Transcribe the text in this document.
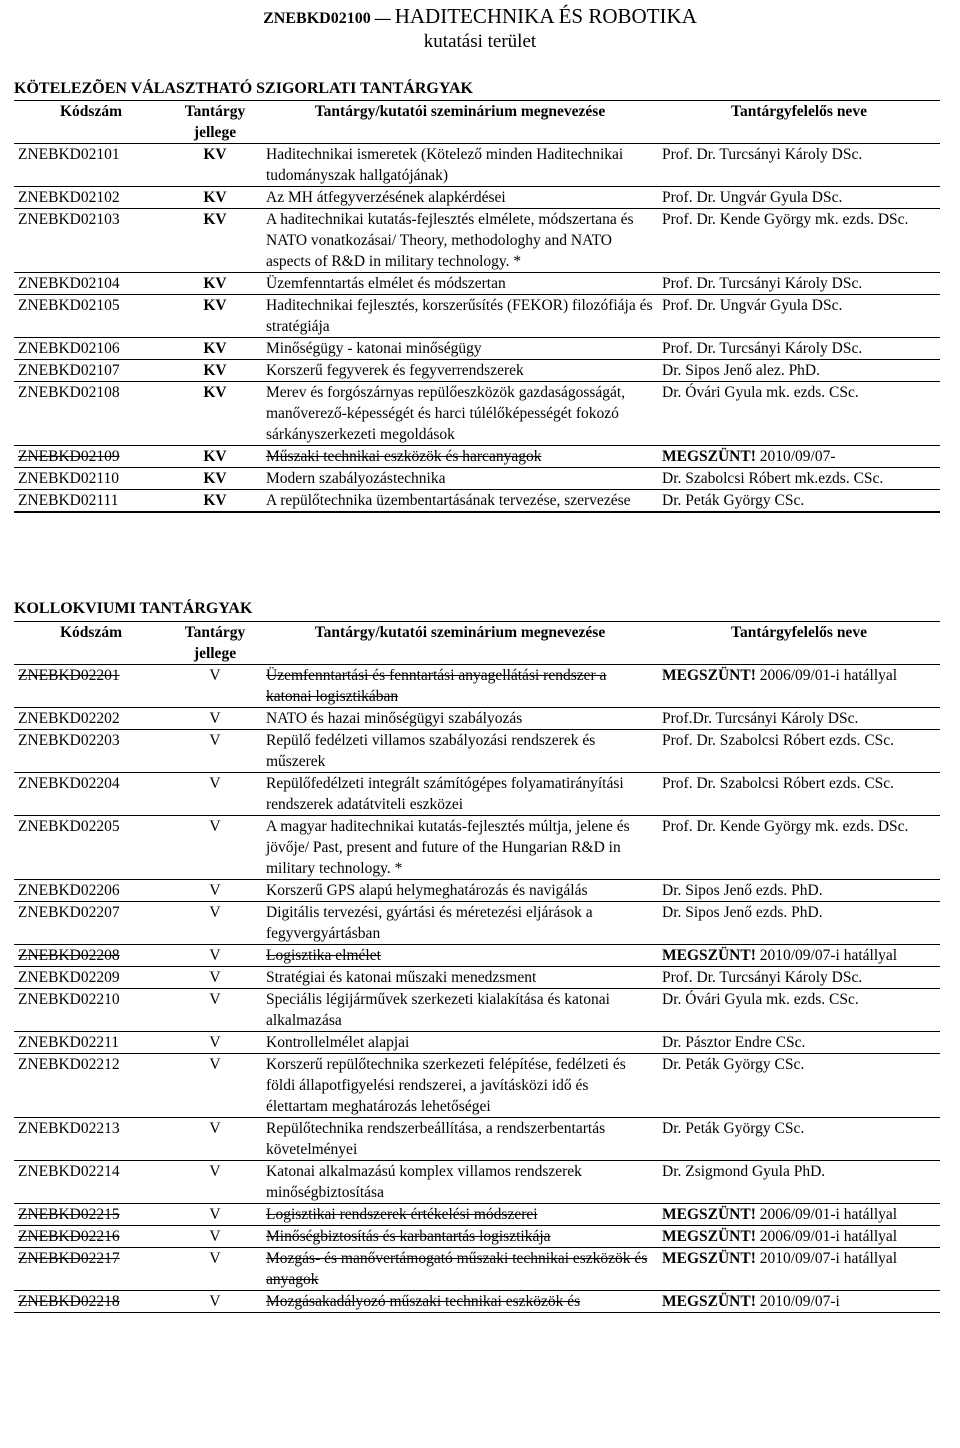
ZNEBKD02100 — HADITECHNIKA ÉS ROBOTIKA
kutatási terület
KÖTELEZÕEN VÁLASZTHATÓ SZIGORLATI TANTÁRGYAK
Kódszám	Tantárgy jellege	Tantárgy/kutatói szeminárium megnevezése	Tantárgyfelelős neve
ZNEBKD02101	KV	Haditechnikai ismeretek (Kötelező minden Haditechnikai tudományszak hallgatójának)	Prof. Dr. Turcsányi Károly DSc.
ZNEBKD02102	KV	Az MH átfegyverzésének alapkérdései	Prof. Dr. Ungvár Gyula DSc.
ZNEBKD02103	KV	A haditechnikai kutatás-fejlesztés elmélete, módszertana és NATO vonatkozásai/ Theory, methodologhy and NATO aspects of R&D in military technology. *	Prof. Dr. Kende György mk. ezds. DSc.
ZNEBKD02104	KV	Üzemfenntartás elmélet és módszertan	Prof. Dr. Turcsányi Károly DSc.
ZNEBKD02105	KV	Haditechnikai fejlesztés, korszerűsítés (FEKOR) filozófiája és stratégiája	Prof. Dr. Ungvár Gyula DSc.
ZNEBKD02106	KV	Minőségügy - katonai minőségügy	Prof. Dr. Turcsányi Károly DSc.
ZNEBKD02107	KV	Korszerű fegyverek és fegyverrendszerek	Dr. Sipos Jenő alez. PhD.
ZNEBKD02108	KV	Merev és forgószárnyas repülőeszközök gazdaságosságát, manőverező-képességét és harci túlélőképességét fokozó sárkányszerkezeti megoldások	Dr. Óvári Gyula mk. ezds. CSc.
ZNEBKD02109	KV	Műszaki technikai eszközök és harcanyagok	MEGSZÜNT! 2010/09/07-
ZNEBKD02110	KV	Modern szabályozástechnika	Dr. Szabolcsi Róbert mk.ezds. CSc.
ZNEBKD02111	KV	A repülőtechnika üzembentartásának tervezése, szervezése	Dr. Peták György CSc.
KOLLOKVIUMI TANTÁRGYAK
Kódszám	Tantárgy jellege	Tantárgy/kutatói szeminárium megnevezése	Tantárgyfelelős neve
ZNEBKD02201	V	Üzemfenntartási és fenntartási anyagellátási rendszer a katonai logisztikában	MEGSZÜNT! 2006/09/01-i hatállyal
ZNEBKD02202	V	NATO és hazai minőségügyi szabályozás	Prof.Dr. Turcsányi Károly DSc.
ZNEBKD02203	V	Repülő fedélzeti villamos szabályozási rendszerek és műszerek	Prof. Dr. Szabolcsi Róbert ezds. CSc.
ZNEBKD02204	V	Repülőfedélzeti integrált számítógépes folyamatirányítási rendszerek adatátviteli eszközei	Prof. Dr. Szabolcsi Róbert ezds. CSc.
ZNEBKD02205	V	A magyar haditechnikai kutatás-fejlesztés múltja, jelene és jövője/ Past, present and future of the Hungarian R&D in military technology. *	Prof. Dr. Kende György mk. ezds. DSc.
ZNEBKD02206	V	Korszerű GPS alapú helymeghatározás és navigálás	Dr. Sipos Jenő ezds. PhD.
ZNEBKD02207	V	Digitális tervezési, gyártási és méretezési eljárások a fegyvergyártásban	Dr. Sipos Jenő ezds. PhD.
ZNEBKD02208	V	Logisztika elmélet	MEGSZÜNT! 2010/09/07-i hatállyal
ZNEBKD02209	V	Stratégiai és katonai műszaki menedzsment	Prof. Dr. Turcsányi Károly DSc.
ZNEBKD02210	V	Speciális légijárművek szerkezeti kialakítása és katonai alkalmazása	Dr. Óvári Gyula mk. ezds. CSc.
ZNEBKD02211	V	Kontrollelmélet alapjai	Dr. Pásztor Endre CSc.
ZNEBKD02212	V	Korszerű repülőtechnika szerkezeti felépítése, fedélzeti és földi állapotfigyelési rendszerei, a javításközi idő és élettartam meghatározás lehetőségei	Dr. Peták György CSc.
ZNEBKD02213	V	Repülőtechnika rendszerbeállítása, a rendszerbentartás követelményei	Dr. Peták György CSc.
ZNEBKD02214	V	Katonai alkalmazású komplex villamos rendszerek minőségbiztosítása	Dr. Zsigmond Gyula PhD.
ZNEBKD02215	V	Logisztikai rendszerek értékelési módszerei	MEGSZÜNT! 2006/09/01-i hatállyal
ZNEBKD02216	V	Minőségbiztosítás és karbantartás logisztikája	MEGSZÜNT! 2006/09/01-i hatállyal
ZNEBKD02217	V	Mozgás- és manővertámogató műszaki technikai eszközök és anyagok	MEGSZÜNT! 2010/09/07-i hatállyal
ZNEBKD02218	V	Mozgásakadályozó műszaki technikai eszközök és	MEGSZÜNT! 2010/09/07-i
